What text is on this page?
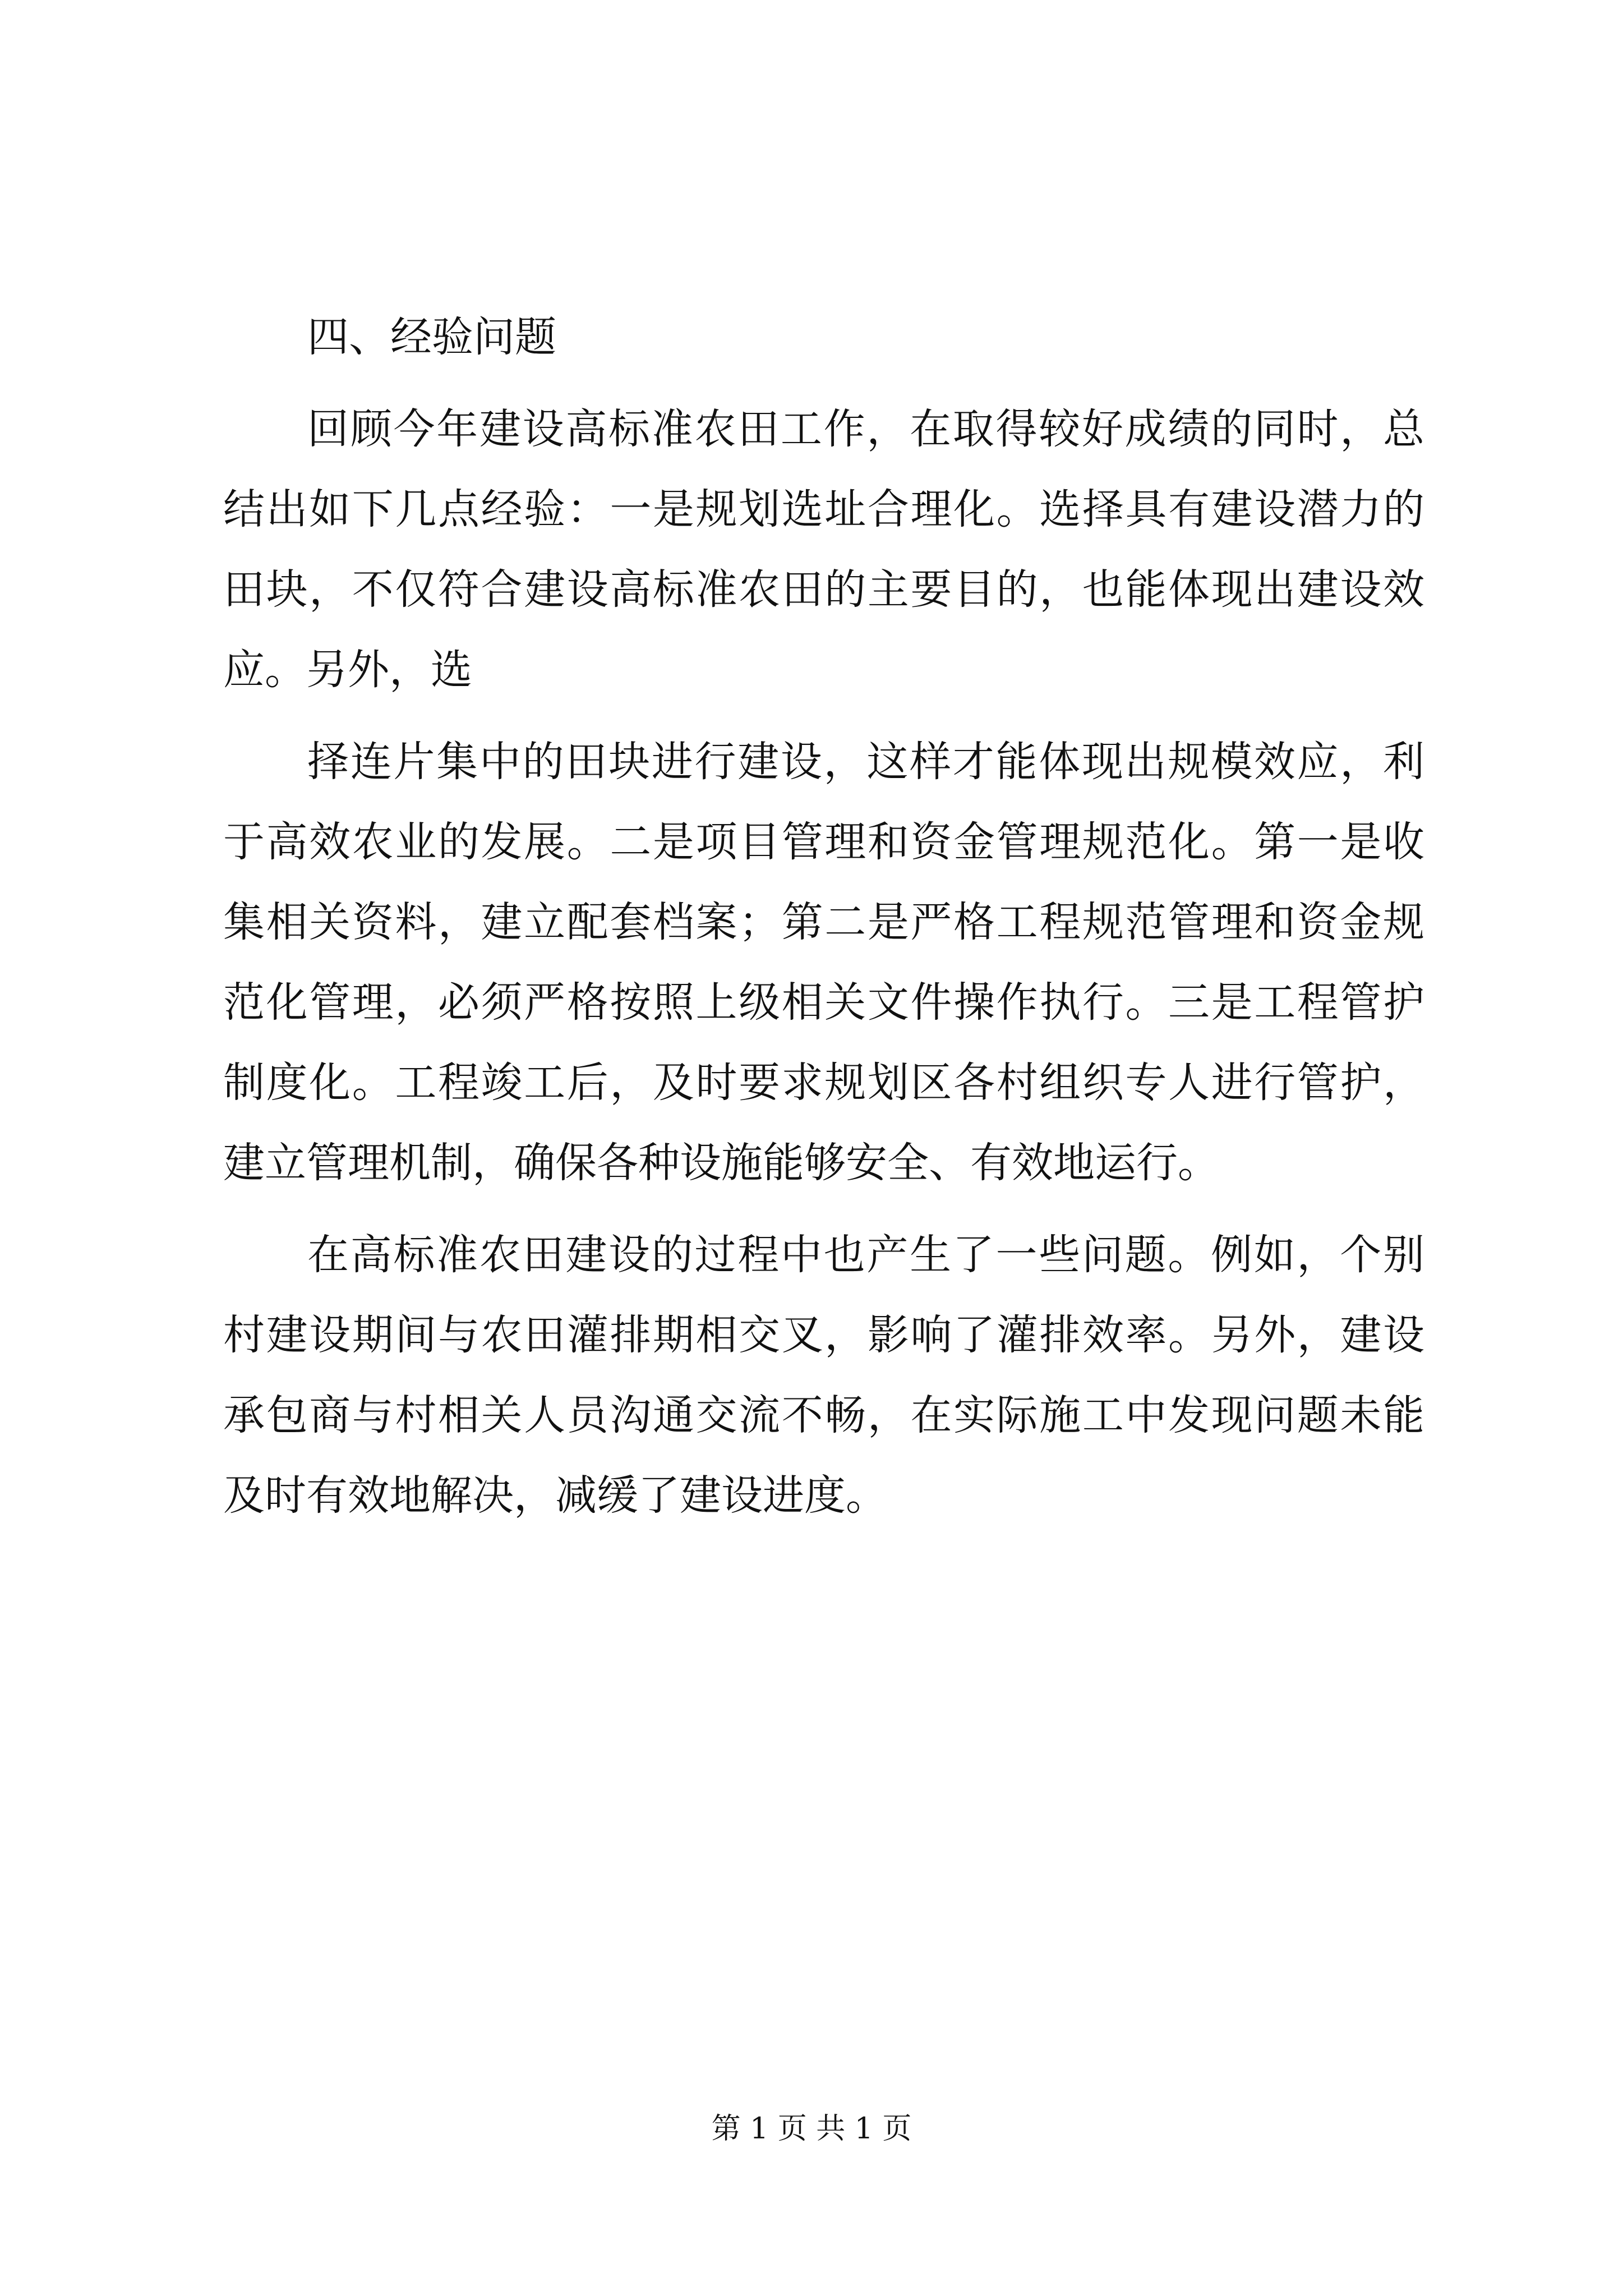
四、经验问题

回顾今年建设高标准农田工作，在取得较好成绩的同时，总

结出如下几点经验：一是规划选址合理化。选择具有建设潜力的

田块，不仅符合建设高标准农田的主要目的，也能体现出建设效

应。另外，选

择连片集中的田块进行建设，这样才能体现出规模效应，利

于高效农业的发展。二是项目管理和资金管理规范化。第一是收

集相关资料，建立配套档案；第二是严格工程规范管理和资金规

范化管理，必须严格按照上级相关文件操作执行。三是工程管护

制度化。工程竣工后，及时要求规划区各村组织专人进行管护，

建立管理机制，确保各种设施能够安全、有效地运行。

在高标准农田建设的过程中也产生了一些问题。例如，个别

村建设期间与农田灌排期相交叉，影响了灌排效率。另外，建设

承包商与村相关人员沟通交流不畅，在实际施工中发现问题未能

及时有效地解决，减缓了建设进度。

第 1 页 共 1 页
